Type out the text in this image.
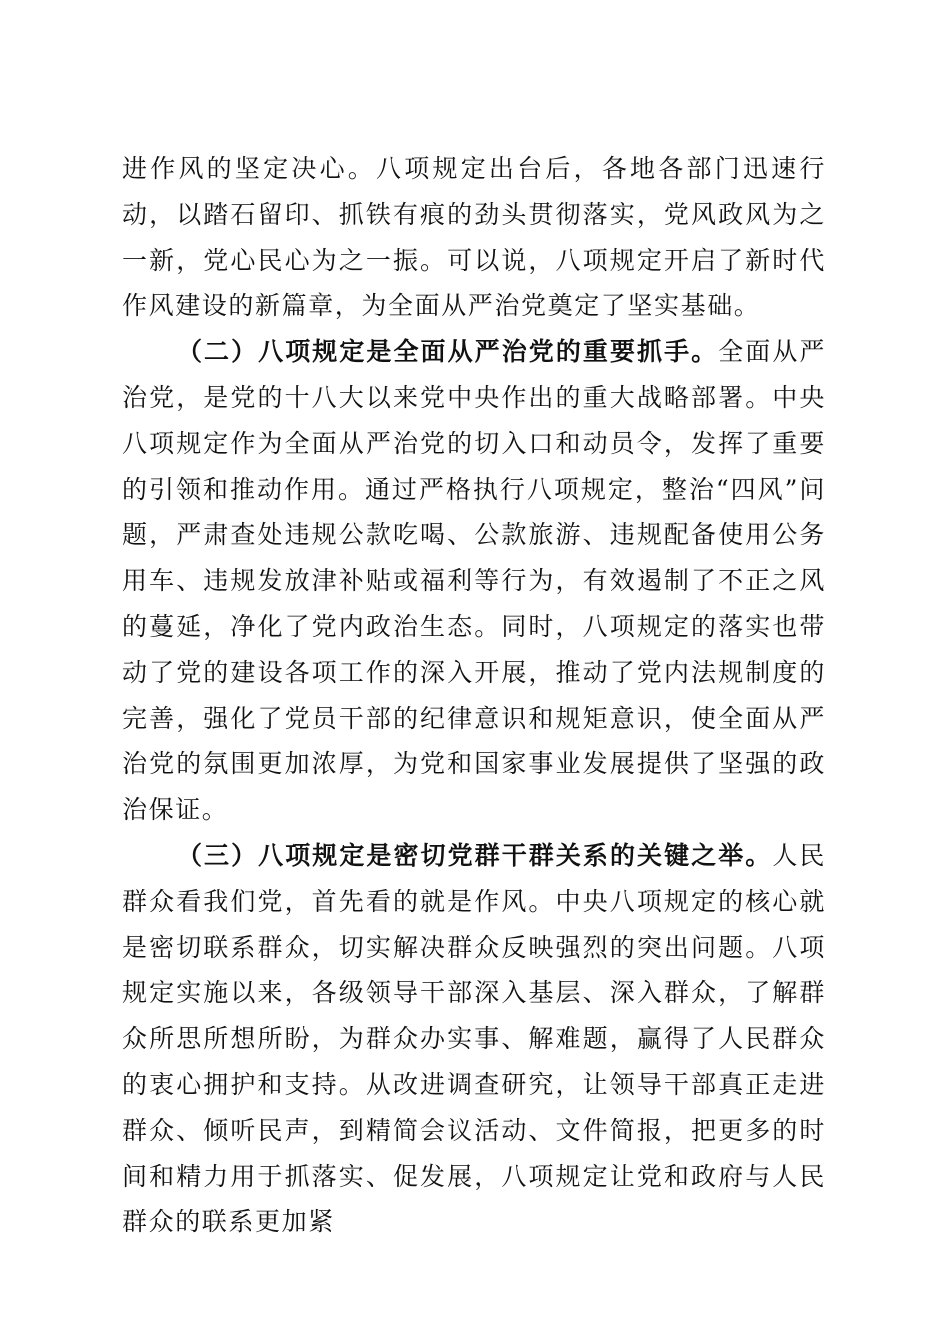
进作风的坚定决心。八项规定出台后，各地各部门迅速行动，以踏石留印、抓铁有痕的劲头贯彻落实，党风政风为之一新，党心民心为之一振。可以说，八项规定开启了新时代作风建设的新篇章，为全面从严治党奠定了坚实基础。

（二）八项规定是全面从严治党的重要抓手。全面从严治党，是党的十八大以来党中央作出的重大战略部署。中央八项规定作为全面从严治党的切入口和动员令，发挥了重要的引领和推动作用。通过严格执行八项规定，整治“四风”问题，严肃查处违规公款吃喝、公款旅游、违规配备使用公务用车、违规发放津补贴或福利等行为，有效遏制了不正之风的蔓延，净化了党内政治生态。同时，八项规定的落实也带动了党的建设各项工作的深入开展，推动了党内法规制度的完善，强化了党员干部的纪律意识和规矩意识，使全面从严治党的氛围更加浓厚，为党和国家事业发展提供了坚强的政治保证。

（三）八项规定是密切党群干群关系的关键之举。人民群众看我们党，首先看的就是作风。中央八项规定的核心就是密切联系群众，切实解决群众反映强烈的突出问题。八项规定实施以来，各级领导干部深入基层、深入群众，了解群众所思所想所盼，为群众办实事、解难题，赢得了人民群众的衷心拥护和支持。从改进调查研究，让领导干部真正走进群众、倾听民声，到精简会议活动、文件简报，把更多的时间和精力用于抓落实、促发展，八项规定让党和政府与人民群众的联系更加紧
